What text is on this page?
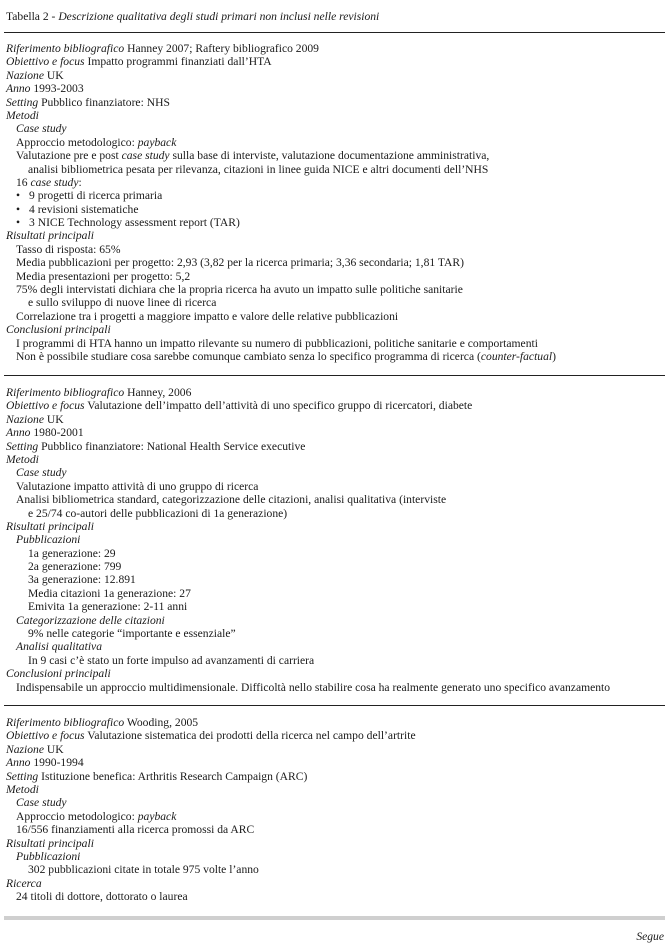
Tabella 2 - Descrizione qualitativa degli studi primari non inclusi nelle revisioni
Riferimento bibliografico Hanney 2007; Raftery bibliografico 2009
Obiettivo e focus Impatto programmi finanziati dall’HTA
Nazione UK
Anno 1993-2003
Setting Pubblico finanziatore: NHS
Metodi
Case study
Approccio metodologico: payback
Valutazione pre e post case study sulla base di interviste, valutazione documentazione amministrativa,
analisi bibliometrica pesata per rilevanza, citazioni in linee guida NICE e altri documenti dell’NHS
16 case study:
• 9 progetti di ricerca primaria
• 4 revisioni sistematiche
• 3 NICE Technology assessment report (TAR)
Risultati principali
Tasso di risposta: 65%
Media pubblicazioni per progetto: 2,93 (3,82 per la ricerca primaria; 3,36 secondaria; 1,81 TAR)
Media presentazioni per progetto: 5,2
75% degli intervistati dichiara che la propria ricerca ha avuto un impatto sulle politiche sanitarie
e sullo sviluppo di nuove linee di ricerca
Correlazione tra i progetti a maggiore impatto e valore delle relative pubblicazioni
Conclusioni principali
I programmi di HTA hanno un impatto rilevante su numero di pubblicazioni, politiche sanitarie e comportamenti
Non è possibile studiare cosa sarebbe comunque cambiato senza lo specifico programma di ricerca (counter-factual)
Riferimento bibliografico Hanney, 2006
Obiettivo e focus Valutazione dell’impatto dell’attività di uno specifico gruppo di ricercatori, diabete
Nazione UK
Anno 1980-2001
Setting Pubblico finanziatore: National Health Service executive
Metodi
Case study
Valutazione impatto attività di uno gruppo di ricerca
Analisi bibliometrica standard, categorizzazione delle citazioni, analisi qualitativa (interviste
e 25/74 co-autori delle pubblicazioni di 1a generazione)
Risultati principali
Pubblicazioni
1a generazione: 29
2a generazione: 799
3a generazione: 12.891
Media citazioni 1a generazione: 27
Emivita 1a generazione: 2-11 anni
Categorizzazione delle citazioni
9% nelle categorie “importante e essenziale”
Analisi qualitativa
In 9 casi c’è stato un forte impulso ad avanzamenti di carriera
Conclusioni principali
Indispensabile un approccio multidimensionale. Difficoltà nello stabilire cosa ha realmente generato uno specifico avanzamento
Riferimento bibliografico Wooding, 2005
Obiettivo e focus Valutazione sistematica dei prodotti della ricerca nel campo dell’artrite
Nazione UK
Anno 1990-1994
Setting Istituzione benefica: Arthritis Research Campaign (ARC)
Metodi
Case study
Approccio metodologico: payback
16/556 finanziamenti alla ricerca promossi da ARC
Risultati principali
Pubblicazioni
302 pubblicazioni citate in totale 975 volte l’anno
Ricerca
24 titoli di dottore, dottorato o laurea
Segue
